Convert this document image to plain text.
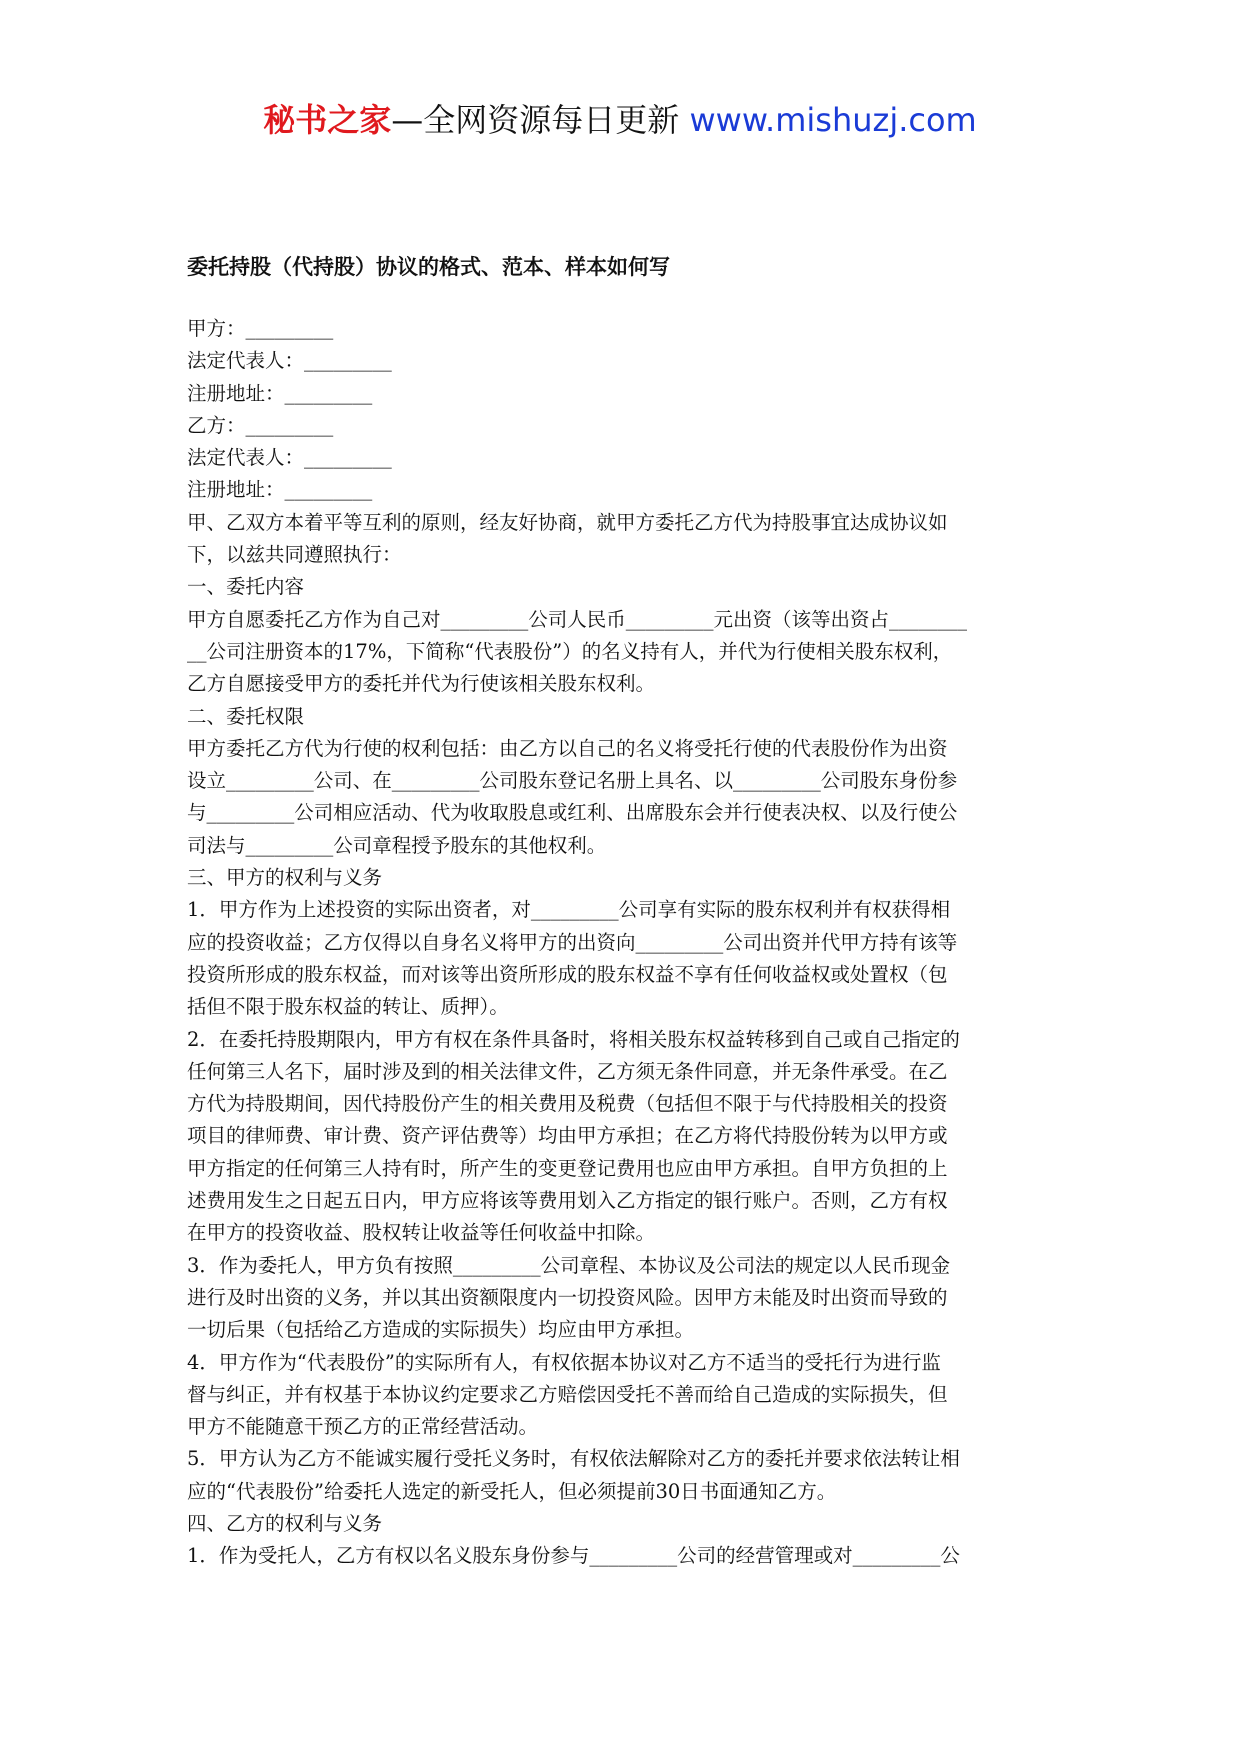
秘书之家—全网资源每日更新 www.mishuzj.com
委托持股（代持股）协议的格式、范本、样本如何写

甲方：_________

法定代表人：_________

注册地址：_________

乙方：_________

法定代表人：_________

注册地址：_________

甲、乙双方本着平等互利的原则，经友好协商，就甲方委托乙方代为持股事宜达成协议如

下，以兹共同遵照执行：

一、委托内容

甲方自愿委托乙方作为自己对_________公司人民币_________元出资（该等出资占________

__公司注册资本的17%，下简称“代表股份”）的名义持有人，并代为行使相关股东权利，

乙方自愿接受甲方的委托并代为行使该相关股东权利。

二、委托权限

甲方委托乙方代为行使的权利包括：由乙方以自己的名义将受托行使的代表股份作为出资

设立_________公司、在_________公司股东登记名册上具名、以_________公司股东身份参

与_________公司相应活动、代为收取股息或红利、出席股东会并行使表决权、以及行使公

司法与_________公司章程授予股东的其他权利。

三、甲方的权利与义务

1．甲方作为上述投资的实际出资者，对_________公司享有实际的股东权利并有权获得相

应的投资收益；乙方仅得以自身名义将甲方的出资向_________公司出资并代甲方持有该等

投资所形成的股东权益，而对该等出资所形成的股东权益不享有任何收益权或处置权（包

括但不限于股东权益的转让、质押）。

2．在委托持股期限内，甲方有权在条件具备时，将相关股东权益转移到自己或自己指定的

任何第三人名下，届时涉及到的相关法律文件，乙方须无条件同意，并无条件承受。在乙

方代为持股期间，因代持股份产生的相关费用及税费（包括但不限于与代持股相关的投资

项目的律师费、审计费、资产评估费等）均由甲方承担；在乙方将代持股份转为以甲方或

甲方指定的任何第三人持有时，所产生的变更登记费用也应由甲方承担。自甲方负担的上

述费用发生之日起五日内，甲方应将该等费用划入乙方指定的银行账户。否则，乙方有权

在甲方的投资收益、股权转让收益等任何收益中扣除。

3．作为委托人，甲方负有按照_________公司章程、本协议及公司法的规定以人民币现金

进行及时出资的义务，并以其出资额限度内一切投资风险。因甲方未能及时出资而导致的

一切后果（包括给乙方造成的实际损失）均应由甲方承担。

4．甲方作为“代表股份”的实际所有人，有权依据本协议对乙方不适当的受托行为进行监

督与纠正，并有权基于本协议约定要求乙方赔偿因受托不善而给自己造成的实际损失，但

甲方不能随意干预乙方的正常经营活动。

5．甲方认为乙方不能诚实履行受托义务时，有权依法解除对乙方的委托并要求依法转让相

应的“代表股份”给委托人选定的新受托人，但必须提前30日书面通知乙方。

四、乙方的权利与义务

1．作为受托人，乙方有权以名义股东身份参与_________公司的经营管理或对_________公
